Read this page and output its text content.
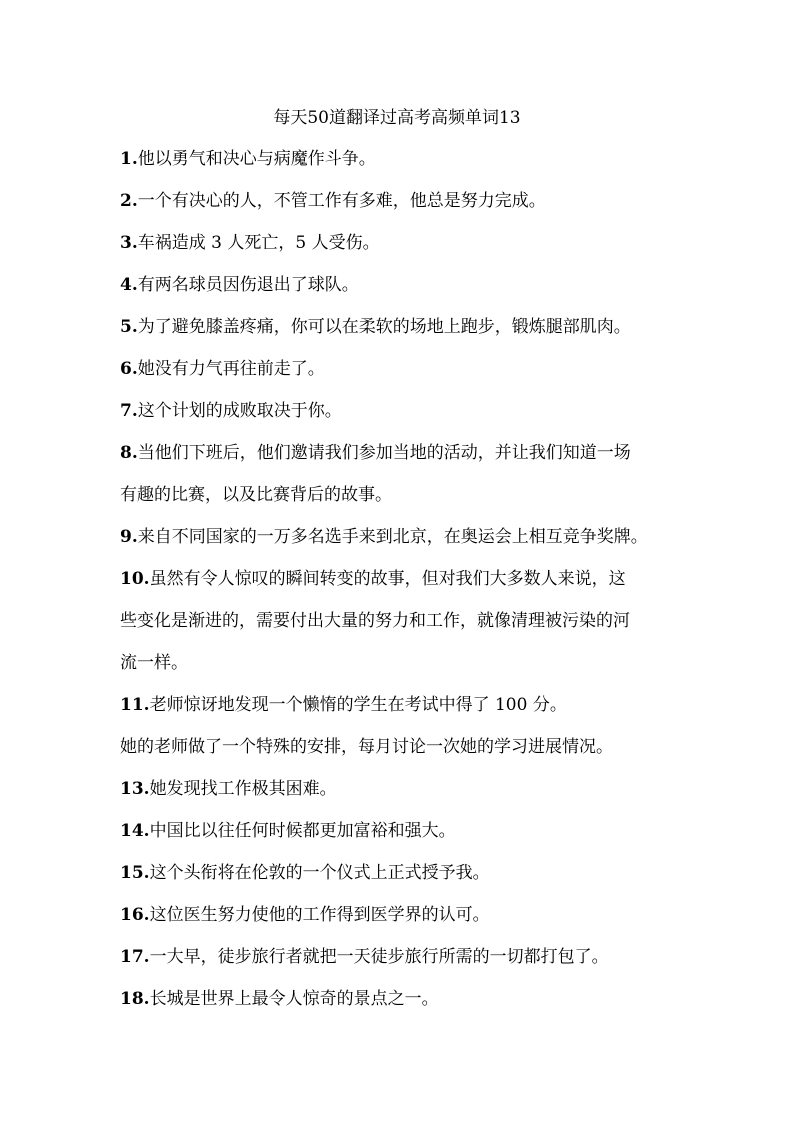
每天50道翻译过高考高频单词13
1.他以勇气和决心与病魔作斗争。
2.一个有决心的人，不管工作有多难，他总是努力完成。
3.车祸造成 3 人死亡，5 人受伤。
4.有两名球员因伤退出了球队。
5.为了避免膝盖疼痛，你可以在柔软的场地上跑步，锻炼腿部肌肉。
6.她没有力气再往前走了。
7.这个计划的成败取决于你。
8.当他们下班后，他们邀请我们参加当地的活动，并让我们知道一场
有趣的比赛，以及比赛背后的故事。
9.来自不同国家的一万多名选手来到北京，在奥运会上相互竞争奖牌。
10.虽然有令人惊叹的瞬间转变的故事，但对我们大多数人来说，这
些变化是渐进的，需要付出大量的努力和工作，就像清理被污染的河
流一样。
11.老师惊讶地发现一个懒惰的学生在考试中得了 100 分。
她的老师做了一个特殊的安排，每月讨论一次她的学习进展情况。
13.她发现找工作极其困难。
14.中国比以往任何时候都更加富裕和强大。
15.这个头衔将在伦敦的一个仪式上正式授予我。
16.这位医生努力使他的工作得到医学界的认可。
17.一大早，徒步旅行者就把一天徒步旅行所需的一切都打包了。
18.长城是世界上最令人惊奇的景点之一。
